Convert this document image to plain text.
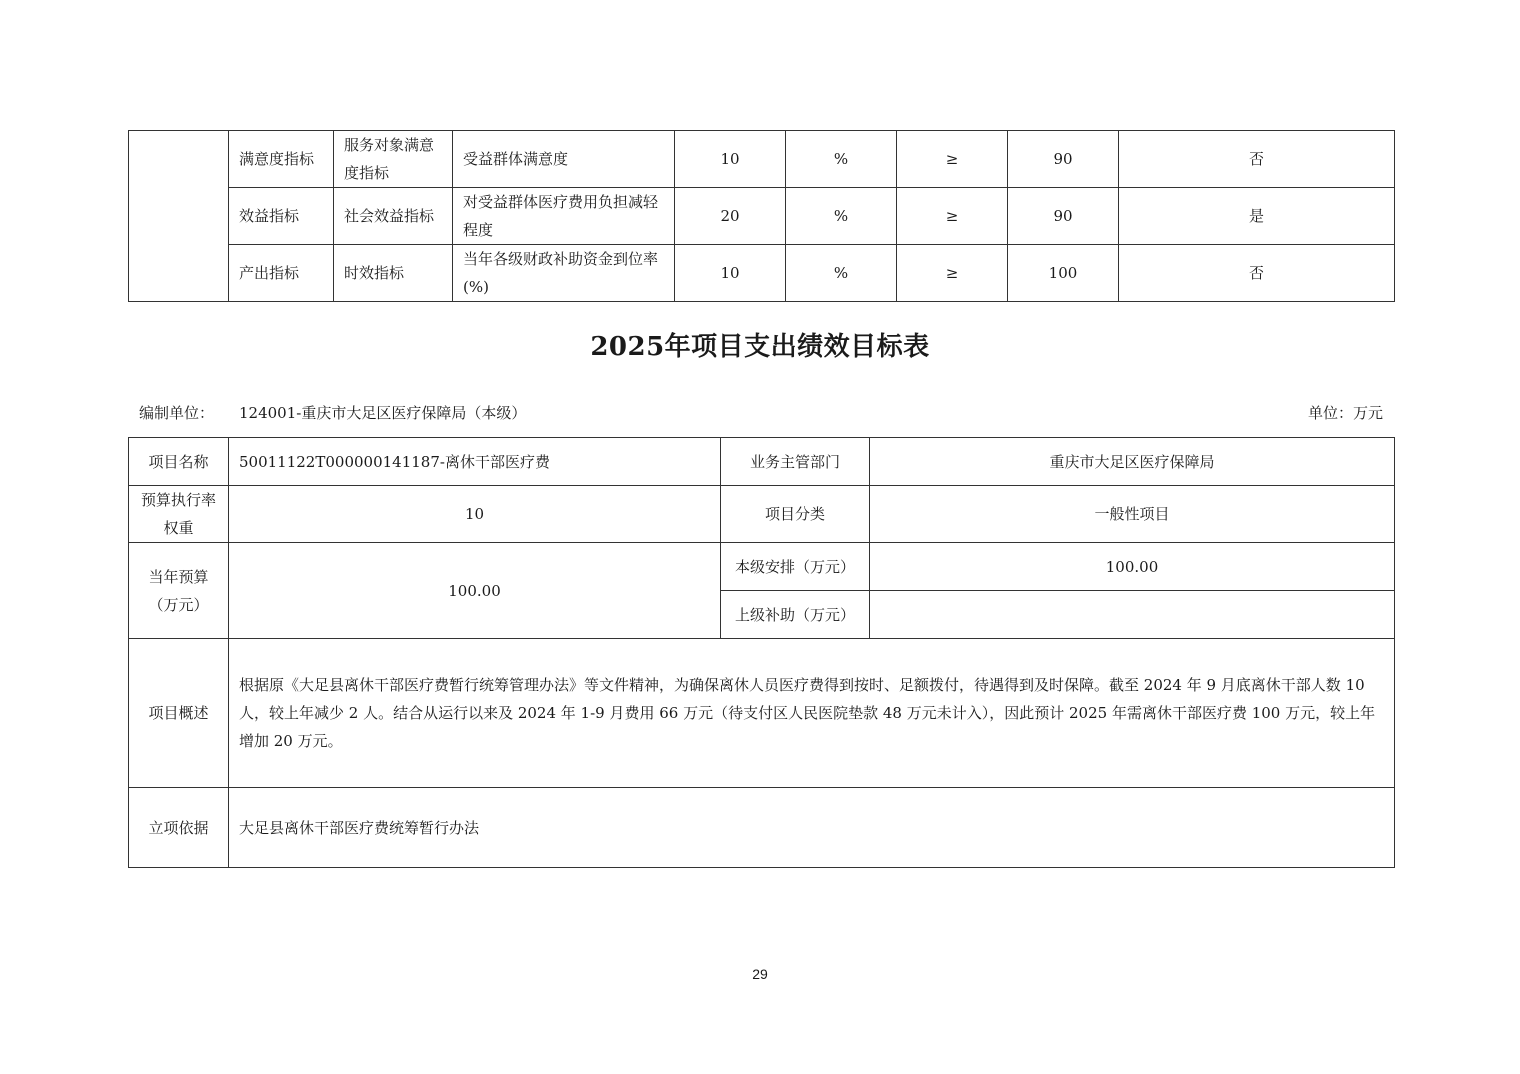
	满意度指标	服务对象满意度指标	受益群体满意度	10	%	≥	90	否
	效益指标	社会效益指标	对受益群体医疗费用负担减轻程度	20	%	≥	90	是
	产出指标	时效指标	当年各级财政补助资金到位率(%)	10	%	≥	100	否
2025年项目支出绩效目标表
编制单位： 124001-重庆市大足区医疗保障局（本级）	单位：万元
项目名称	50011122T000000141187-离休干部医疗费	业务主管部门	重庆市大足区医疗保障局
预算执行率权重	10	项目分类	一般性项目
当年预算（万元）	100.00	本级安排（万元）	100.00
		上级补助（万元）	
项目概述	根据原《大足县离休干部医疗费暂行统筹管理办法》等文件精神，为确保离休人员医疗费得到按时、足额拨付，待遇得到及时保障。截至 2024 年 9 月底离休干部人数 10 人，较上年减少 2 人。结合从运行以来及 2024 年 1-9 月费用 66 万元（待支付区人民医院垫款 48 万元未计入），因此预计 2025 年需离休干部医疗费 100 万元，较上年增加 20 万元。		
立项依据	大足县离休干部医疗费统筹暂行办法		
29
